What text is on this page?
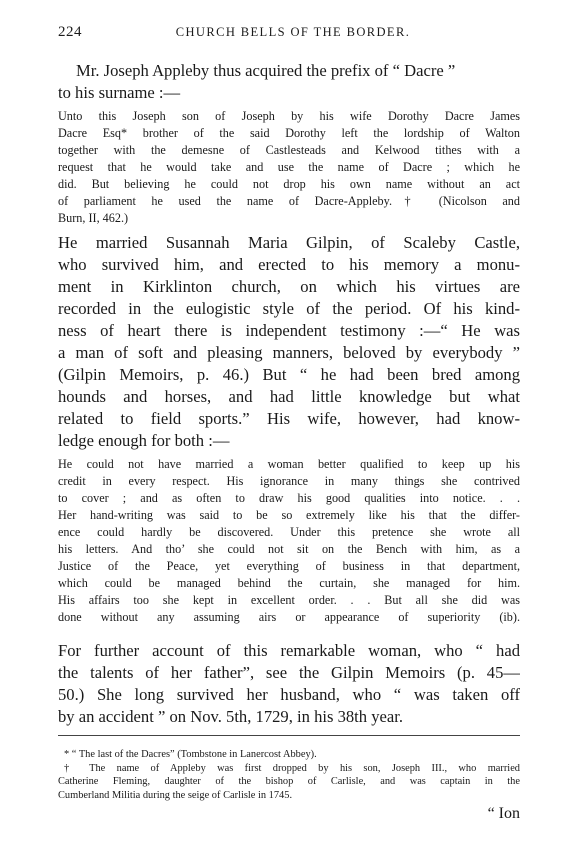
224	CHURCH BELLS OF THE BORDER.
Mr. Joseph Appleby thus acquired the prefix of “ Dacre ”
to his surname :—
Unto this Joseph son of Joseph by his wife Dorothy Dacre James
Dacre Esq* brother of the said Dorothy left the lordship of Walton
together with the demesne of Castlesteads and Kelwood tithes with a
request that he would take and use the name of Dacre ; which he
did. But believing he could not drop his own name without an act
of parliament he used the name of Dacre-Appleby.† (Nicolson and
Burn, II, 462.)
He married Susannah Maria Gilpin, of Scaleby Castle,
who survived him, and erected to his memory a monu-
ment in Kirklinton church, on which his virtues are
recorded in the eulogistic style of the period. Of his kind-
ness of heart there is independent testimony :—“ He was
a man of soft and pleasing manners, beloved by everybody ”
(Gilpin Memoirs, p. 46.) But “ he had been bred among
hounds and horses, and had little knowledge but what
related to field sports.” His wife, however, had know-
ledge enough for both :—
He could not have married a woman better qualified to keep up his
credit in every respect. His ignorance in many things she contrived
to cover ; and as often to draw his good qualities into notice. . .
Her hand-writing was said to be so extremely like his that the differ-
ence could hardly be discovered. Under this pretence she wrote all
his letters. And tho’ she could not sit on the Bench with him, as a
Justice of the Peace, yet everything of business in that department,
which could be managed behind the curtain, she managed for him.
His affairs too she kept in excellent order. . . But all she did was
done without any assuming airs or appearance of superiority (ib).
For further account of this remarkable woman, who “ had
the talents of her father”, see the Gilpin Memoirs (p. 45—
50.) She long survived her husband, who “ was taken off
by an accident ” on Nov. 5th, 1729, in his 38th year.
* “ The last of the Dacres” (Tombstone in Lanercost Abbey).
† The name of Appleby was first dropped by his son, Joseph III., who married
Catherine Fleming, daughter of the bishop of Carlisle, and was captain in the
Cumberland Militia during the seige of Carlisle in 1745.
“ Ion
